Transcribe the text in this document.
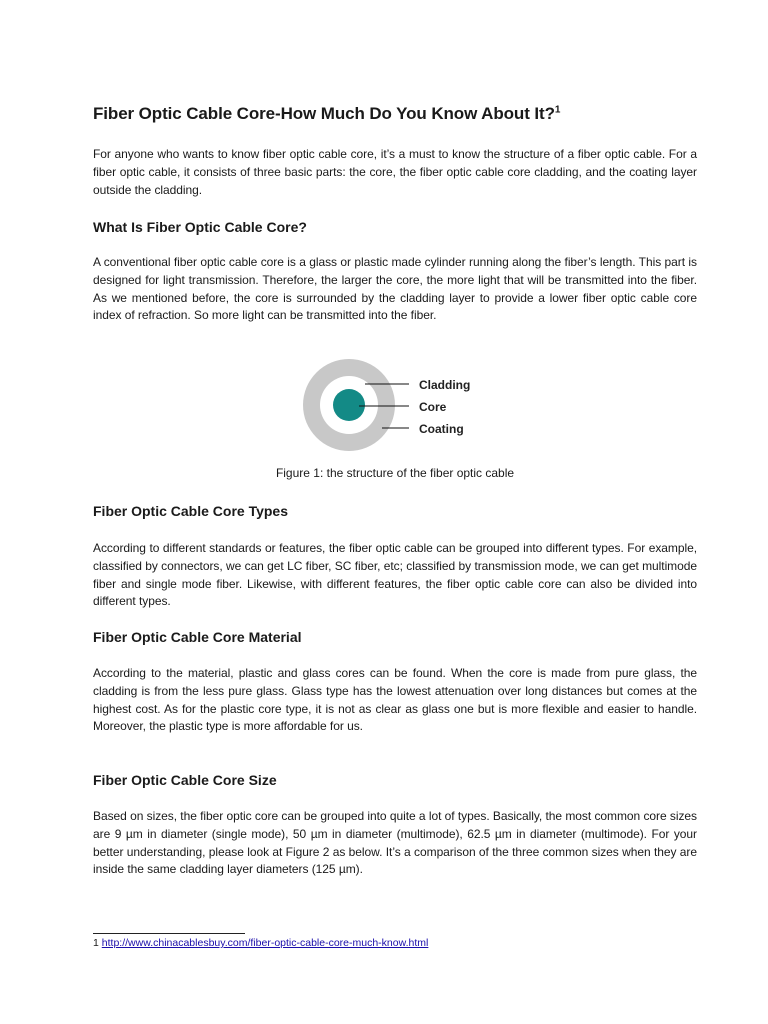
Fiber Optic Cable Core-How Much Do You Know About It?$^1$

For anyone who wants to know fiber optic cable core, it’s a must to know the structure of a fiber optic cable. For a fiber optic cable, it consists of three basic parts: the core, the fiber optic cable core cladding, and the coating layer outside the cladding.

What Is Fiber Optic Cable Core?

A conventional fiber optic cable core is a glass or plastic made cylinder running along the fiber’s length. This part is designed for light transmission. Therefore, the larger the core, the more light that will be transmitted into the fiber. As we mentioned before, the core is surrounded by the cladding layer to provide a lower fiber optic cable core index of refraction. So more light can be transmitted into the fiber.

Cladding
Core
Coating

Figure 1: the structure of the fiber optic cable

Fiber Optic Cable Core Types

According to different standards or features, the fiber optic cable can be grouped into different types. For example, classified by connectors, we can get LC fiber, SC fiber, etc; classified by transmission mode, we can get multimode fiber and single mode fiber. Likewise, with different features, the fiber optic cable core can also be divided into different types.

Fiber Optic Cable Core Material

According to the material, plastic and glass cores can be found. When the core is made from pure glass, the cladding is from the less pure glass. Glass type has the lowest attenuation over long distances but comes at the highest cost. As for the plastic core type, it is not as clear as glass one but is more flexible and easier to handle. Moreover, the plastic type is more affordable for us.

Fiber Optic Cable Core Size

Based on sizes, the fiber optic core can be grouped into quite a lot of types. Basically, the most common core sizes are 9 µm in diameter (single mode), 50 µm in diameter (multimode), 62.5 µm in diameter (multimode). For your better understanding, please look at Figure 2 as below. It’s a comparison of the three common sizes when they are inside the same cladding layer diameters (125 µm).

1 http://www.chinacablesbuy.com/fiber-optic-cable-core-much-know.html
